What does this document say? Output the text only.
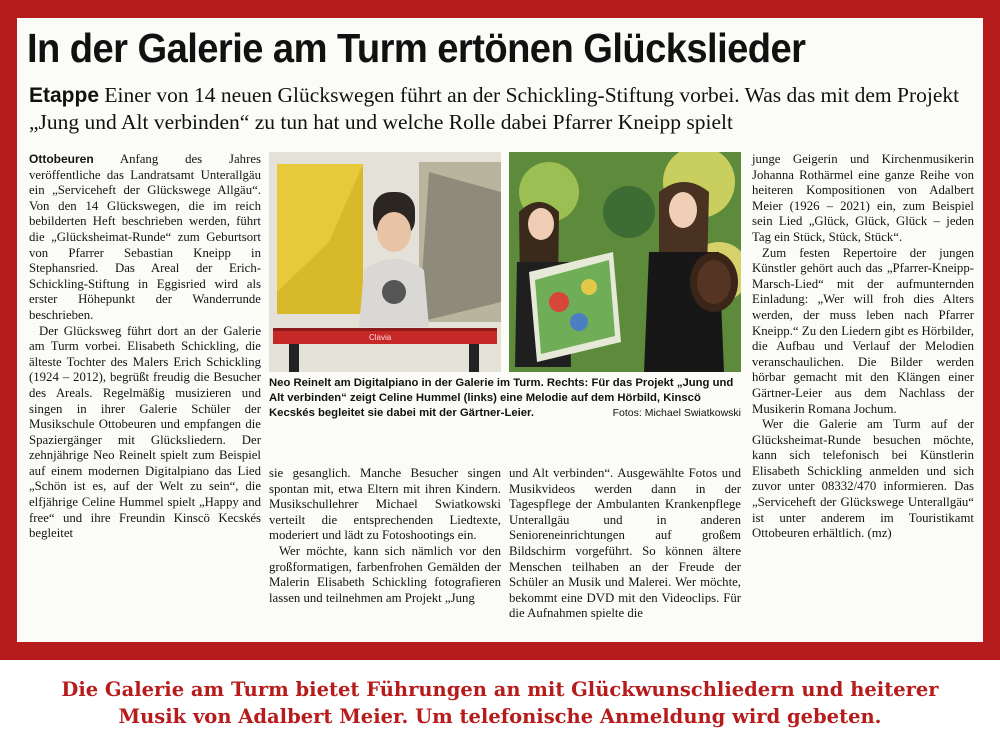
In der Galerie am Turm ertönen Glückslieder
Etappe Einer von 14 neuen Glückswegen führt an der Schickling-Stiftung vorbei. Was das mit dem Projekt „Jung und Alt verbinden“ zu tun hat und welche Rolle dabei Pfarrer Kneipp spielt

Ottobeuren Anfang des Jahres veröffentliche das Landratsamt Unterallgäu ein „Serviceheft der Glückswege Allgäu“. Von den 14 Glückswegen, die im reich bebilderten Heft beschrieben werden, führt die „Glücksheimat-Runde“ zum Geburtsort von Pfarrer Sebastian Kneipp in Stephansried. Das Areal der Erich-Schickling-Stiftung in Eggisried wird als erster Höhepunkt der Wanderrunde beschrieben.

Der Glücksweg führt dort an der Galerie am Turm vorbei. Elisabeth Schickling, die älteste Tochter des Malers Erich Schickling (1924 – 2012), begrüßt freudig die Besucher des Areals. Regelmäßig musizieren und singen in ihrer Galerie Schüler der Musikschule Ottobeuren und empfangen die Spaziergänger mit Glücksliedern. Der zehnjährige Neo Reinelt spielt zum Beispiel auf einem modernen Digitalpiano das Lied „Schön ist es, auf der Welt zu sein“, die elfjährige Celine Hummel spielt „Happy and free“ und ihre Freundin Kinscö Kecskés begleitet

Clavia
Neo Reinelt am Digitalpiano in der Galerie im Turm. Rechts: Für das Projekt „Jung und Alt verbinden“ zeigt Celine Hummel (links) eine Melodie auf dem Hörbild, Kinscö Kecskés begleitet sie dabei mit der Gärtner-Leier.	Fotos: Michael Swiatkowski

sie gesanglich. Manche Besucher singen spontan mit, etwa Eltern mit ihren Kindern. Musikschullehrer Michael Swiatkowski verteilt die entsprechenden Liedtexte, moderiert und lädt zu Fotoshootings ein.

Wer möchte, kann sich nämlich vor den großformatigen, farbenfrohen Gemälden der Malerin Elisabeth Schickling fotografieren lassen und teilnehmen am Projekt „Jung

und Alt verbinden“. Ausgewählte Fotos und Musikvideos werden dann in der Tagespflege der Ambulanten Krankenpflege Unterallgäu und in anderen Senioreneinrichtungen auf großem Bildschirm vorgeführt. So können ältere Menschen teilhaben an der Freude der Schüler an Musik und Malerei. Wer möchte, bekommt eine DVD mit den Videoclips. Für die Aufnahmen spielte die

junge Geigerin und Kirchenmusikerin Johanna Rothärmel eine ganze Reihe von heiteren Kompositionen von Adalbert Meier (1926 – 2021) ein, zum Beispiel sein Lied „Glück, Glück, Glück – jeden Tag ein Stück, Stück, Stück“.

Zum festen Repertoire der jungen Künstler gehört auch das „Pfarrer-Kneipp-Marsch-Lied“ mit der aufmunternden Einladung: „Wer will froh dies Alters werden, der muss leben nach Pfarrer Kneipp.“ Zu den Liedern gibt es Hörbilder, die Aufbau und Verlauf der Melodien veranschaulichen. Die Bilder werden hörbar gemacht mit den Klängen einer Gärtner-Leier aus dem Nachlass der Musikerin Romana Jochum.

Wer die Galerie am Turm auf der Glücksheimat-Runde besuchen möchte, kann sich telefonisch bei Künstlerin Elisabeth Schickling anmelden und sich zuvor unter 08332/470 informieren. Das „Serviceheft der Glückswege Unterallgäu“ ist unter anderem im Touristikamt Ottobeuren erhältlich. (mz)

Die Galerie am Turm bietet Führungen an mit Glückwunschliedern und heiterer
Musik von Adalbert Meier. Um telefonische Anmeldung wird gebeten.
